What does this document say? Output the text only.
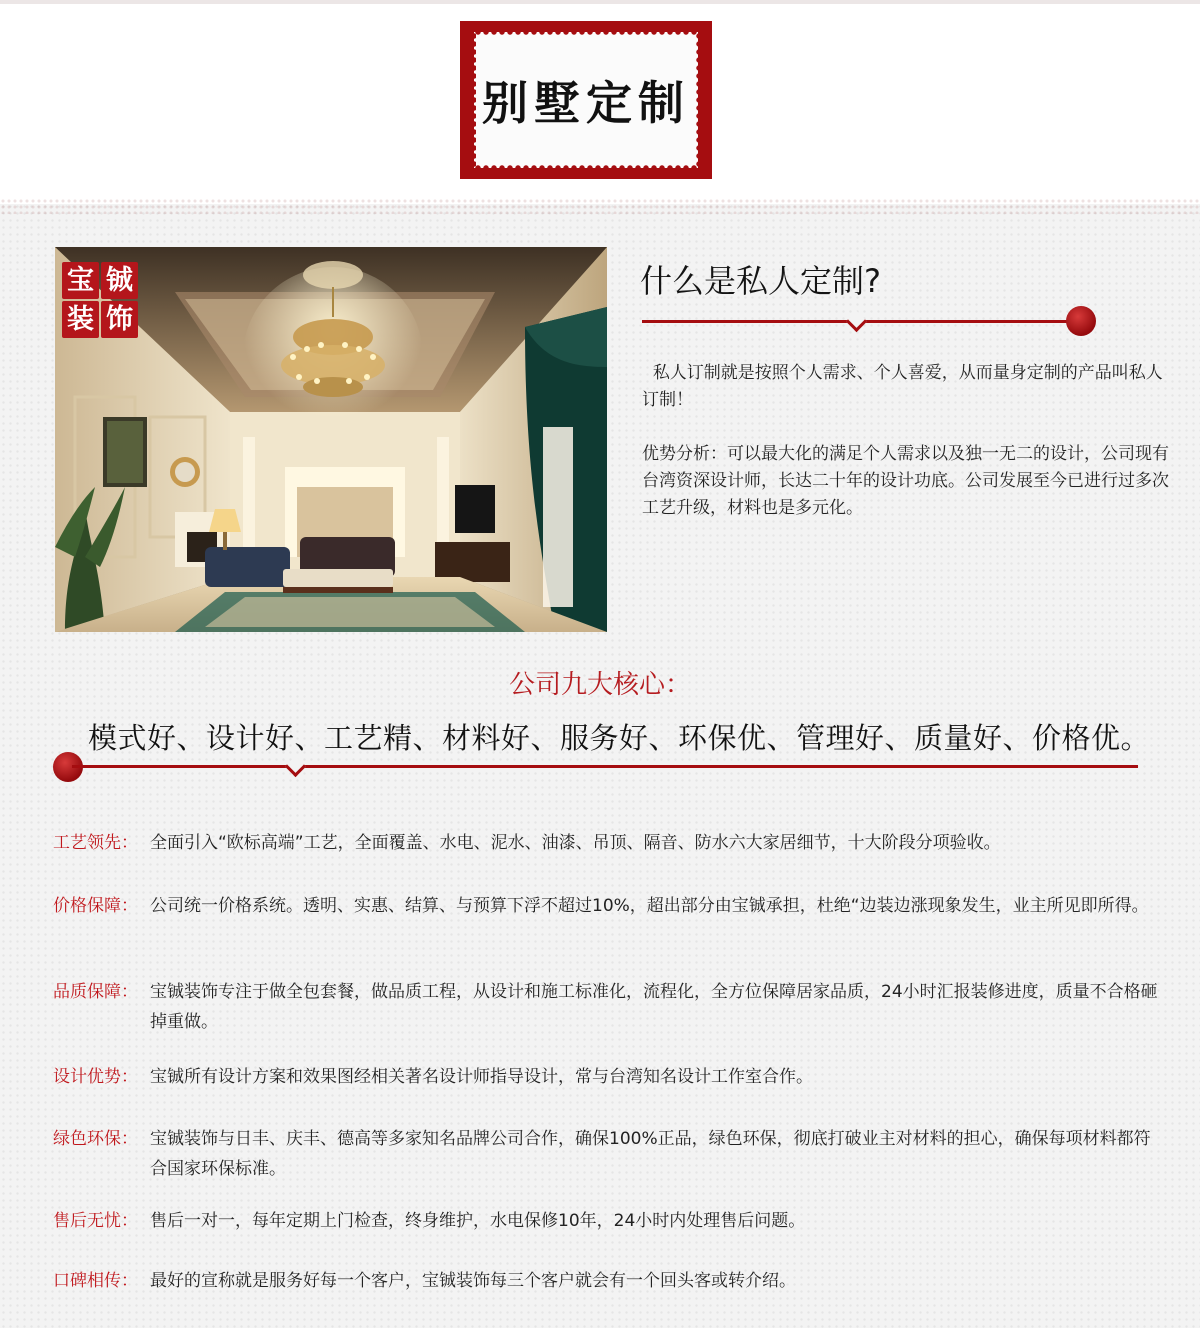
别墅定制
宝 铖
装 饰
什么是私人定制?

私人订制就是按照个人需求、个人喜爱，从而量身定制的产品叫私人订制！

优势分析：可以最大化的满足个人需求以及独一无二的设计，公司现有台湾资深设计师，长达二十年的设计功底。公司发展至今已进行过多次工艺升级，材料也是多元化。

公司九大核心：
模式好、设计好、工艺精、材料好、服务好、环保优、管理好、质量好、价格优。
工艺领先： 全面引入“欧标高端”工艺，全面覆盖、水电、泥水、油漆、吊顶、隔音、防水六大家居细节，十大阶段分项验收。
价格保障： 公司统一价格系统。透明、实惠、结算、与预算下浮不超过10%，超出部分由宝铖承担，杜绝“边装边涨现象发生，业主所见即所得。
品质保障： 宝铖装饰专注于做全包套餐，做品质工程，从设计和施工标准化，流程化，全方位保障居家品质，24小时汇报装修进度，质量不合格砸掉重做。
设计优势： 宝铖所有设计方案和效果图经相关著名设计师指导设计，常与台湾知名设计工作室合作。
绿色环保： 宝铖装饰与日丰、庆丰、德高等多家知名品牌公司合作，确保100%正品，绿色环保，彻底打破业主对材料的担心，确保每项材料都符合国家环保标准。
售后无忧： 售后一对一，每年定期上门检查，终身维护，水电保修10年，24小时内处理售后问题。
口碑相传： 最好的宣称就是服务好每一个客户，宝铖装饰每三个客户就会有一个回头客或转介绍。
